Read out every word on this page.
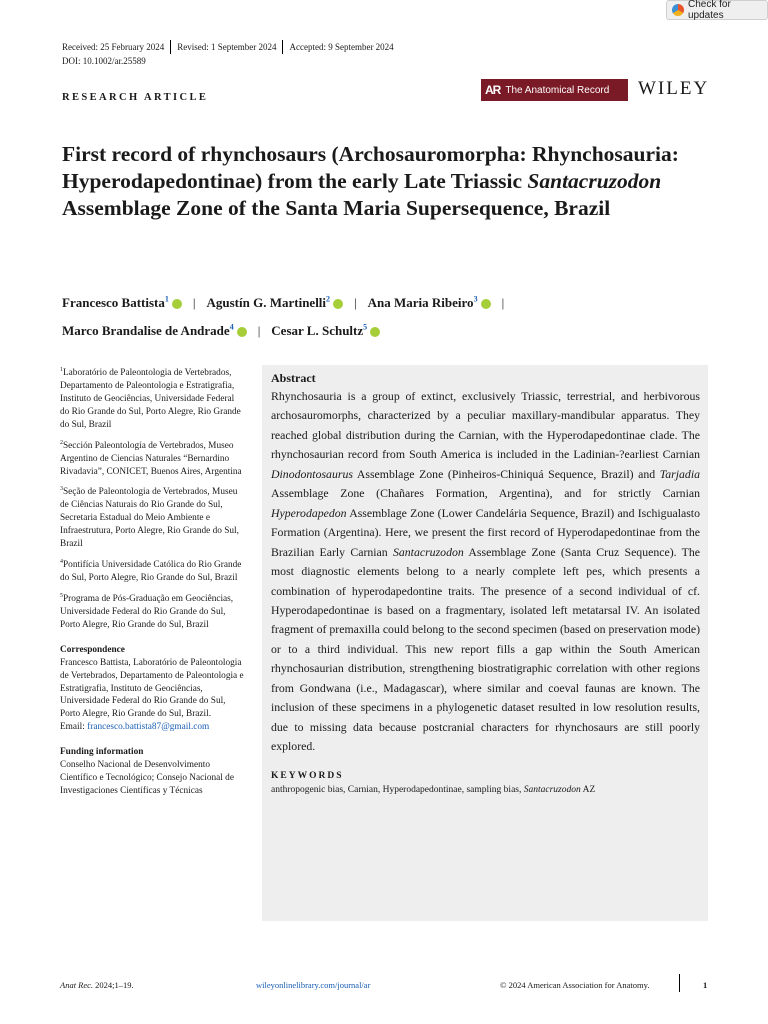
Check for updates
Received: 25 February 2024 Revised: 1 September 2024 Accepted: 9 September 2024
DOI: 10.1002/ar.25589
RESEARCH ARTICLE
AR The Anatomical Record WILEY
First record of rhynchosaurs (Archosauromorpha: Rhynchosauria: Hyperodapedontinae) from the early Late Triassic Santacruzodon Assemblage Zone of the Santa Maria Supersequence, Brazil
Francesco Battista$^1$ | Agustín G. Martinelli$^2$ | Ana Maria Ribeiro$^3$ |
Marco Brandalise de Andrade$^4$ | Cesar L. Schultz$^5$
$^1$Laboratório de Paleontologia de Vertebrados, Departamento de Paleontologia e Estratigrafia, Instituto de Geociências, Universidade Federal do Rio Grande do Sul, Porto Alegre, Rio Grande do Sul, Brazil
$^2$Sección Paleontología de Vertebrados, Museo Argentino de Ciencias Naturales “Bernardino Rivadavia”, CONICET, Buenos Aires, Argentina
$^3$Seção de Paleontologia de Vertebrados, Museu de Ciências Naturais do Rio Grande do Sul, Secretaria Estadual do Meio Ambiente e Infraestrutura, Porto Alegre, Rio Grande do Sul, Brazil
$^4$Pontifícia Universidade Católica do Rio Grande do Sul, Porto Alegre, Rio Grande do Sul, Brazil
$^5$Programa de Pós-Graduação em Geociências, Universidade Federal do Rio Grande do Sul, Porto Alegre, Rio Grande do Sul, Brazil
Correspondence
Francesco Battista, Laboratório de Paleontologia de Vertebrados, Departamento de Paleontologia e Estratigrafia, Instituto de Geociências, Universidade Federal do Rio Grande do Sul, Porto Alegre, Rio Grande do Sul, Brazil.
Email: francesco.battista87@gmail.com
Funding information
Conselho Nacional de Desenvolvimento Científico e Tecnológico; Consejo Nacional de Investigaciones Científicas y Técnicas
Abstract

Rhynchosauria is a group of extinct, exclusively Triassic, terrestrial, and herbivorous archosauromorphs, characterized by a peculiar maxillary-mandibular apparatus. They reached global distribution during the Carnian, with the Hyperodapedontinae clade. The rhynchosaurian record from South America is included in the Ladinian-?earliest Carnian Dinodontosaurus Assemblage Zone (Pinheiros-Chiniquá Sequence, Brazil) and Tarjadia Assemblage Zone (Chañares Formation, Argentina), and for strictly Carnian Hyperodapedon Assemblage Zone (Lower Candelária Sequence, Brazil) and Ischigualasto Formation (Argentina). Here, we present the first record of Hyperodapedontinae from the Brazilian Early Carnian Santacruzodon Assemblage Zone (Santa Cruz Sequence). The most diagnostic elements belong to a nearly complete left pes, which presents a combination of hyperodapedontine traits. The presence of a second individual of cf. Hyperodapedontinae is based on a fragmentary, isolated left metatarsal IV. An isolated fragment of premaxilla could belong to the second specimen (based on preservation mode) or to a third individual. This new report fills a gap within the South American rhynchosaurian distribution, strengthening biostratigraphic correlation with other regions from Gondwana (i.e., Madagascar), where similar and coeval faunas are known. The inclusion of these specimens in a phylogenetic dataset resulted in low resolution results, due to missing data because postcranial characters for rhynchosaurs are still poorly explored.

KEYWORDS
anthropogenic bias, Carnian, Hyperodapedontinae, sampling bias, Santacruzodon AZ
Anat Rec. 2024;1–19.	wileyonlinelibrary.com/journal/ar	© 2024 American Association for Anatomy.	1
